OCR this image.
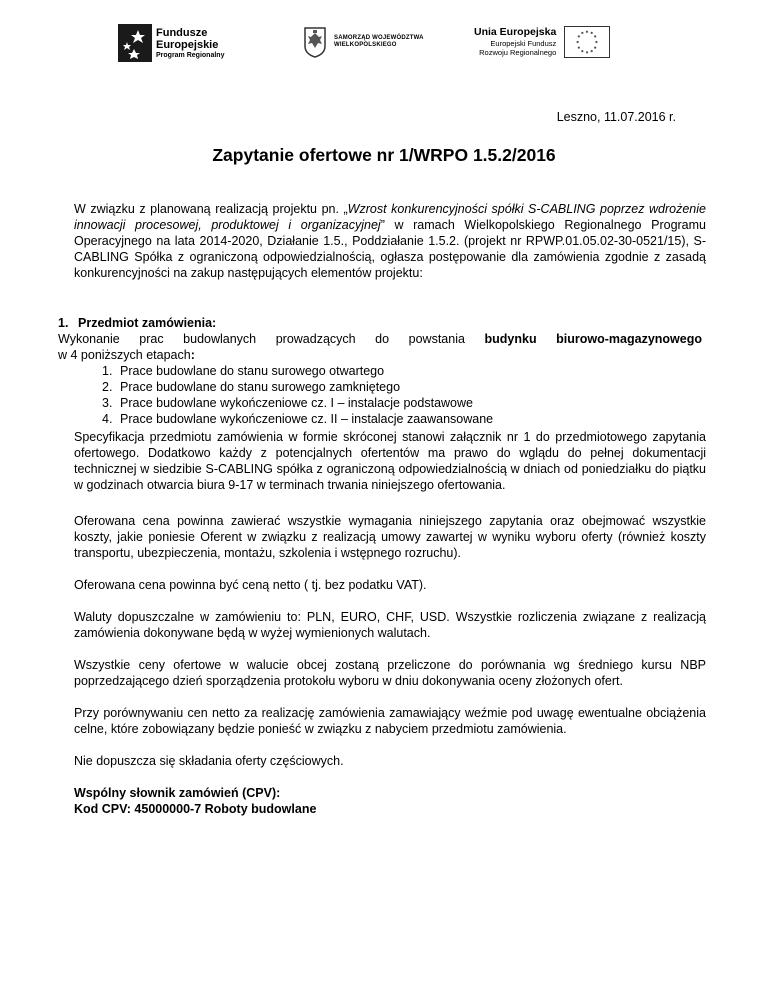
Fundusze
Europejskie
Program Regionalny
SAMORZĄD WOJEWÓDZTWA
WIELKOPOLSKIEGO
Unia Europejska
Europejski Fundusz
Rozwoju Regionalnego
Leszno, 11.07.2016 r.
Zapytanie ofertowe nr 1/WRPO 1.5.2/2016
W związku z planowaną realizacją projektu pn. „Wzrost konkurencyjności spółki S-CABLING poprzez wdrożenie innowacji procesowej, produktowej i organizacyjnej” w ramach Wielkopolskiego Regionalnego Programu Operacyjnego na lata 2014-2020, Działanie 1.5., Poddziałanie 1.5.2. (projekt nr RPWP.01.05.02-30-0521/15), S-CABLING Spółka z ograniczoną odpowiedzialnością, ogłasza postępowanie dla zamówienia zgodnie z zasadą konkurencyjności na zakup następujących elementów projektu:
1. Przedmiot zamówienia:
Wykonanie prac budowlanych prowadzących do powstania budynku biurowo-magazynowego
w 4 poniższych etapach:
1. Prace budowlane do stanu surowego otwartego
2. Prace budowlane do stanu surowego zamkniętego
3. Prace budowlane wykończeniowe cz. I – instalacje podstawowe
4. Prace budowlane wykończeniowe cz. II – instalacje zaawansowane
Specyfikacja przedmiotu zamówienia w formie skróconej stanowi załącznik nr 1 do przedmiotowego zapytania ofertowego. Dodatkowo każdy z potencjalnych ofertentów ma prawo do wglądu do pełnej dokumentacji technicznej w siedzibie S-CABLING spółka z ograniczoną odpowiedzialnością w dniach od poniedziałku do piątku w godzinach otwarcia biura 9-17 w terminach trwania niniejszego ofertowania.
Oferowana cena powinna zawierać wszystkie wymagania niniejszego zapytania oraz obejmować wszystkie koszty, jakie poniesie Oferent w związku z realizacją umowy zawartej w wyniku wyboru oferty (również koszty transportu, ubezpieczenia, montażu, szkolenia i wstępnego rozruchu).
Oferowana cena powinna być ceną netto ( tj. bez podatku VAT).
Waluty dopuszczalne w zamówieniu to: PLN, EURO, CHF, USD. Wszystkie rozliczenia związane z realizacją zamówienia dokonywane będą w wyżej wymienionych walutach.
Wszystkie ceny ofertowe w walucie obcej zostaną przeliczone do porównania wg średniego kursu NBP poprzedzającego dzień sporządzenia protokołu wyboru w dniu dokonywania oceny złożonych ofert.
Przy porównywaniu cen netto za realizację zamówienia zamawiający weźmie pod uwagę ewentualne obciążenia celne, które zobowiązany będzie ponieść w związku z nabyciem przedmiotu zamówienia.
Nie dopuszcza się składania oferty częściowych.
Wspólny słownik zamówień (CPV):
Kod CPV: 45000000-7 Roboty budowlane
